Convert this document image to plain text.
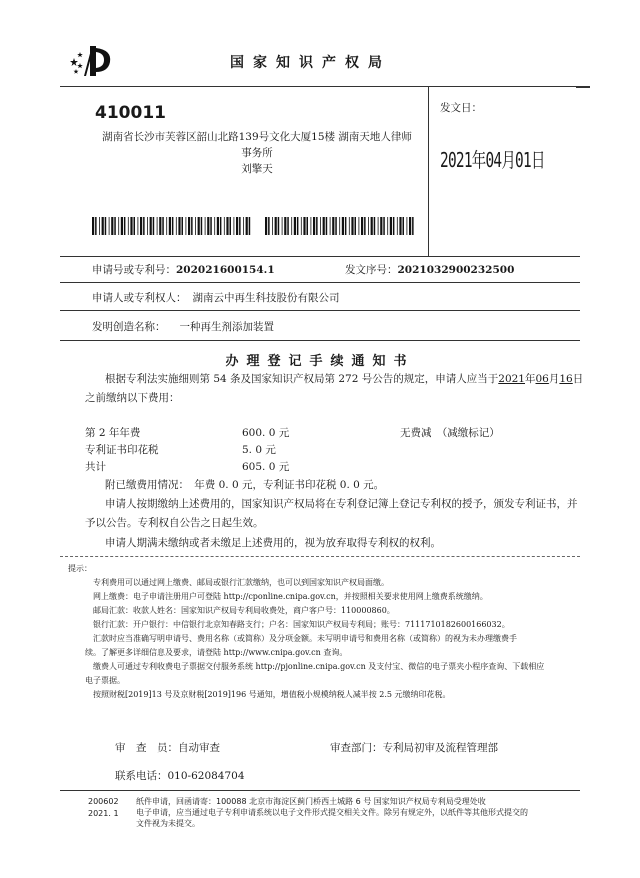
国家知识产权局
410011
湖南省长沙市芙蓉区韶山北路139号文化大厦15楼 湖南天地人律师
事务所
刘擎天
发文日：
2021年04月01日
申请号或专利号：202021600154.1	发文序号：2021032900232500
申请人或专利权人： 湖南云中再生科技股份有限公司
发明创造名称： 一种再生剂添加装置
办理登记手续通知书
根据专利法实施细则第 54 条及国家知识产权局第 272 号公告的规定，申请人应当于2021年06月16日
之前缴纳以下费用：
第 2 年年费	600. 0 元	无费减　（减缴标记）
专利证书印花税	5. 0 元
共计	605. 0 元
附已缴费用情况：　年费 0. 0 元，专利证书印花税 0. 0 元。
申请人按期缴纳上述费用的，国家知识产权局将在专利登记簿上登记专利权的授予，颁发专利证书，并
予以公告。专利权自公告之日起生效。
申请人期满未缴纳或者未缴足上述费用的，视为放弃取得专利权的权利。
提示：
专利费用可以通过网上缴费、邮局或银行汇款缴纳，也可以到国家知识产权局面缴。
网上缴费：电子申请注册用户可登陆 http://cponline.cnipa.gov.cn，并按照相关要求使用网上缴费系统缴纳。
邮局汇款：收款人姓名：国家知识产权局专利局收费处，商户客户号：110000860。
银行汇款：开户银行：中信银行北京知春路支行；户名：国家知识产权局专利局；账号：7111710182600166032。
汇款时应当准确写明申请号、费用名称（或简称）及分项金额。未写明申请号和费用名称（或简称）的视为未办理缴费手
续。了解更多详细信息及要求，请登陆 http://www.cnipa.gov.cn 查询。
缴费人可通过专利收费电子票据交付服务系统 http://pjonline.cnipa.gov.cn 及支付宝、微信的电子票夹小程序查询、下载相应
电子票据。
按照财税[2019]13 号及京财税[2019]196 号通知，增值税小规模纳税人减半按 2.5 元缴纳印花税。
审　查　员：自动审查	审查部门：专利局初审及流程管理部
联系电话：010-62084704
200602
2021. 1
纸件申请，回函请寄：100088 北京市海淀区蓟门桥西土城路 6 号 国家知识产权局专利局受理处收
电子申请，应当通过电子专利申请系统以电子文件形式提交相关文件。除另有规定外，以纸件等其他形式提交的
文件视为未提交。
